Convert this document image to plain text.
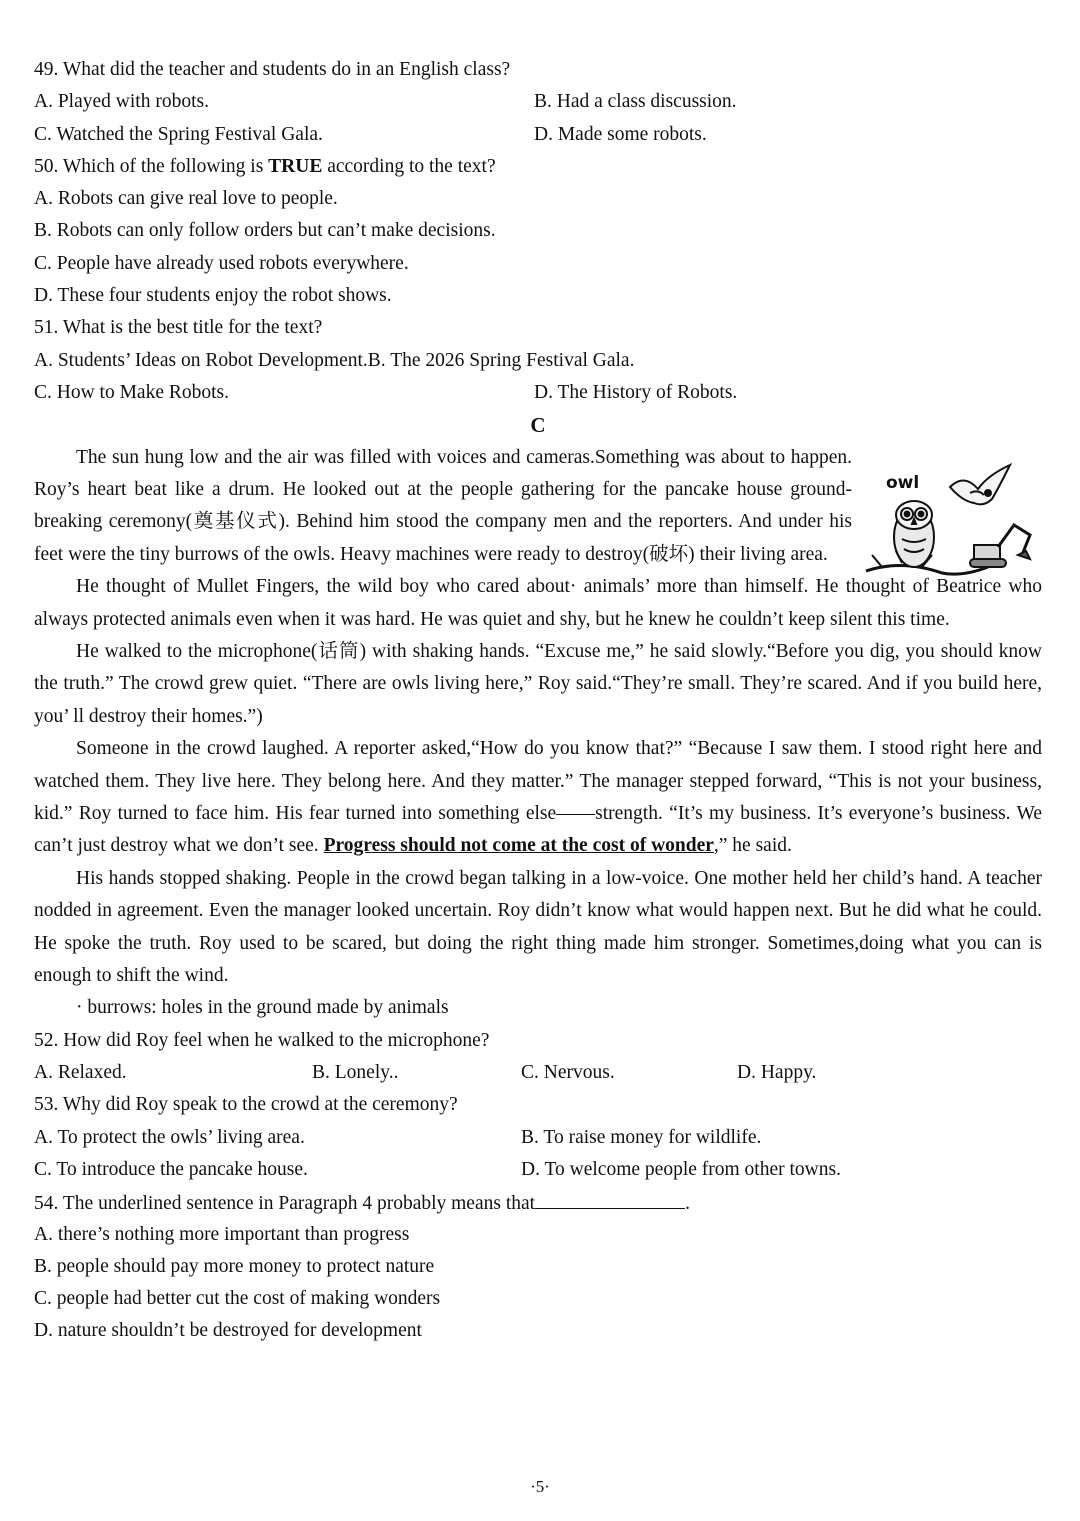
49. What did the teacher and students do in an English class?
A. Played with robots.	B. Had a class discussion.
C. Watched the Spring Festival Gala.	D. Made some robots.
50. Which of the following is TRUE according to the text?
A. Robots can give real love to people.
B. Robots can only follow orders but can’t make decisions.
C. People have already used robots everywhere.
D. These four students enjoy the robot shows.
51. What is the best title for the text?
A. Students’ Ideas on Robot Development.B. The 2026 Spring Festival Gala.
C. How to Make Robots.	D. The History of Robots.
C

The sun hung low and the air was filled with voices and cameras.Something was about to happen. Roy’s heart beat like a drum. He looked out at the people gathering for the pancake house ground-breaking ceremony(奠基仪式). Behind him stood the company men and the reporters. And under his feet were the tiny burrows of the owls. Heavy machines were ready to destroy(破坏) their living area.

He thought of Mullet Fingers, the wild boy who cared about· animals’ more than himself. He thought of Beatrice who always protected animals even when it was hard. He was quiet and shy, but he knew he couldn’t keep silent this time.

He walked to the microphone(话筒) with shaking hands. “Excuse me,” he said slowly.“Before you dig, you should know the truth.” The crowd grew quiet. “There are owls living here,” Roy said.“They’re small. They’re scared. And if you build here, you’ ll destroy their homes.”)

Someone in the crowd laughed. A reporter asked,“How do you know that?” “Because I saw them. I stood right here and watched them. They live here. They belong here. And they matter.” The manager stepped forward, “This is not your business, kid.” Roy turned to face him. His fear turned into something else——strength. “It’s my business. It’s everyone’s business. We can’t just destroy what we don’t see. Progress should not come at the cost of wonder,” he said.

His hands stopped shaking. People in the crowd began talking in a low-voice. One mother held her child’s hand. A teacher nodded in agreement. Even the manager looked uncertain. Roy didn’t know what would happen next. But he did what he could. He spoke the truth. Roy used to be scared, but doing the right thing made him stronger. Sometimes,doing what you can is enough to shift the wind.

· burrows: holes in the ground made by animals
52. How did Roy feel when he walked to the microphone?
A. Relaxed.	B. Lonely..	C. Nervous.	D. Happy.
53. Why did Roy speak to the crowd at the ceremony?
A. To protect the owls’ living area.	B. To raise money for wildlife.
C. To introduce the pancake house.	D. To welcome people from other towns.
54. The underlined sentence in Paragraph 4 probably means that	.
A. there’s nothing more important than progress
B. people should pay more money to protect nature
C. people had better cut the cost of making wonders
D. nature shouldn’t be destroyed for development
owl
·5·
